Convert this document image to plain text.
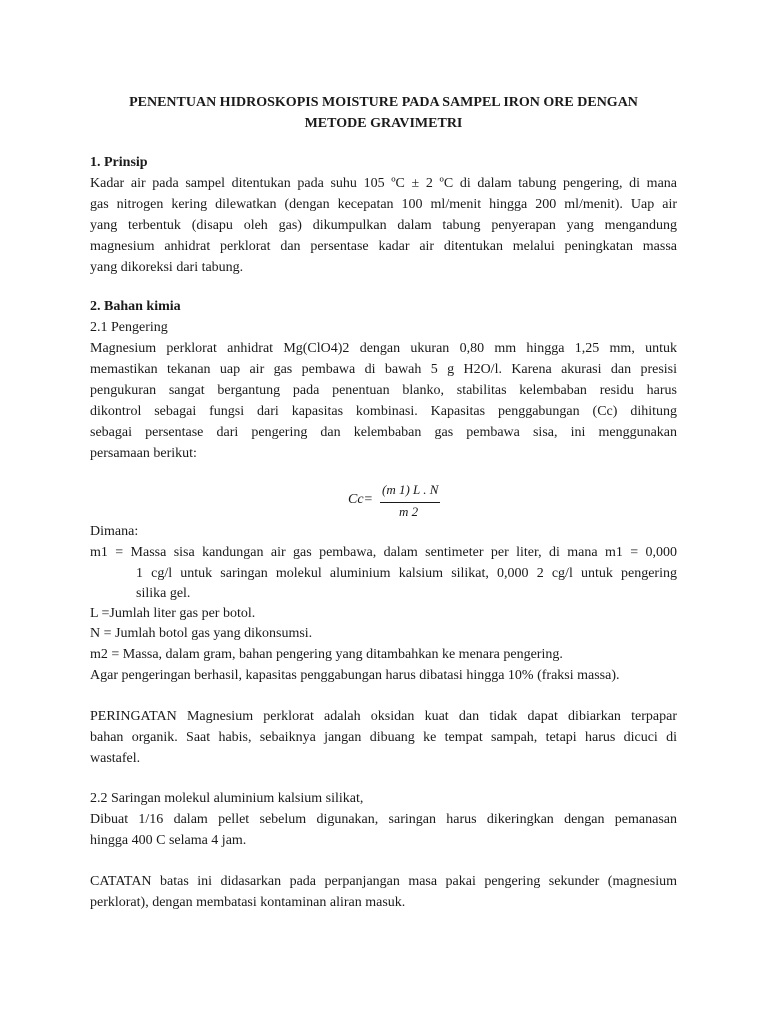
PENENTUAN HIDROSKOPIS MOISTURE PADA SAMPEL IRON ORE DENGAN
METODE GRAVIMETRI
1. Prinsip
Kadar air pada sampel ditentukan pada suhu 105 ºC ± 2 ºC di dalam tabung pengering, di mana
gas nitrogen kering dilewatkan (dengan kecepatan 100 ml/menit hingga 200 ml/menit). Uap air
yang terbentuk (disapu oleh gas) dikumpulkan dalam tabung penyerapan yang mengandung
magnesium anhidrat perklorat dan persentase kadar air ditentukan melalui peningkatan massa
yang dikoreksi dari tabung.
2. Bahan kimia
2.1 Pengering
Magnesium perklorat anhidrat Mg(ClO4)2 dengan ukuran 0,80 mm hingga 1,25 mm, untuk
memastikan tekanan uap air gas pembawa di bawah 5 g H2O/l. Karena akurasi dan presisi
pengukuran sangat bergantung pada penentuan blanko, stabilitas kelembaban residu harus
dikontrol sebagai fungsi dari kapasitas kombinasi. Kapasitas penggabungan (Cc) dihitung
sebagai persentase dari pengering dan kelembaban gas pembawa sisa, ini menggunakan
persamaan berikut:
Cc=
(m 1) L . N
m 2
Dimana:
m1 = Massa sisa kandungan air gas pembawa, dalam sentimeter per liter, di mana m1 = 0,000
1 cg/l untuk saringan molekul aluminium kalsium silikat, 0,000 2 cg/l untuk pengering
silika gel.
L =Jumlah liter gas per botol.
N = Jumlah botol gas yang dikonsumsi.
m2 = Massa, dalam gram, bahan pengering yang ditambahkan ke menara pengering.
Agar pengeringan berhasil, kapasitas penggabungan harus dibatasi hingga 10% (fraksi massa).
PERINGATAN Magnesium perklorat adalah oksidan kuat dan tidak dapat dibiarkan terpapar
bahan organik. Saat habis, sebaiknya jangan dibuang ke tempat sampah, tetapi harus dicuci di
wastafel.
2.2 Saringan molekul aluminium kalsium silikat,
Dibuat 1/16 dalam pellet sebelum digunakan, saringan harus dikeringkan dengan pemanasan
hingga 400 C selama 4 jam.
CATATAN batas ini didasarkan pada perpanjangan masa pakai pengering sekunder (magnesium
perklorat), dengan membatasi kontaminan aliran masuk.
